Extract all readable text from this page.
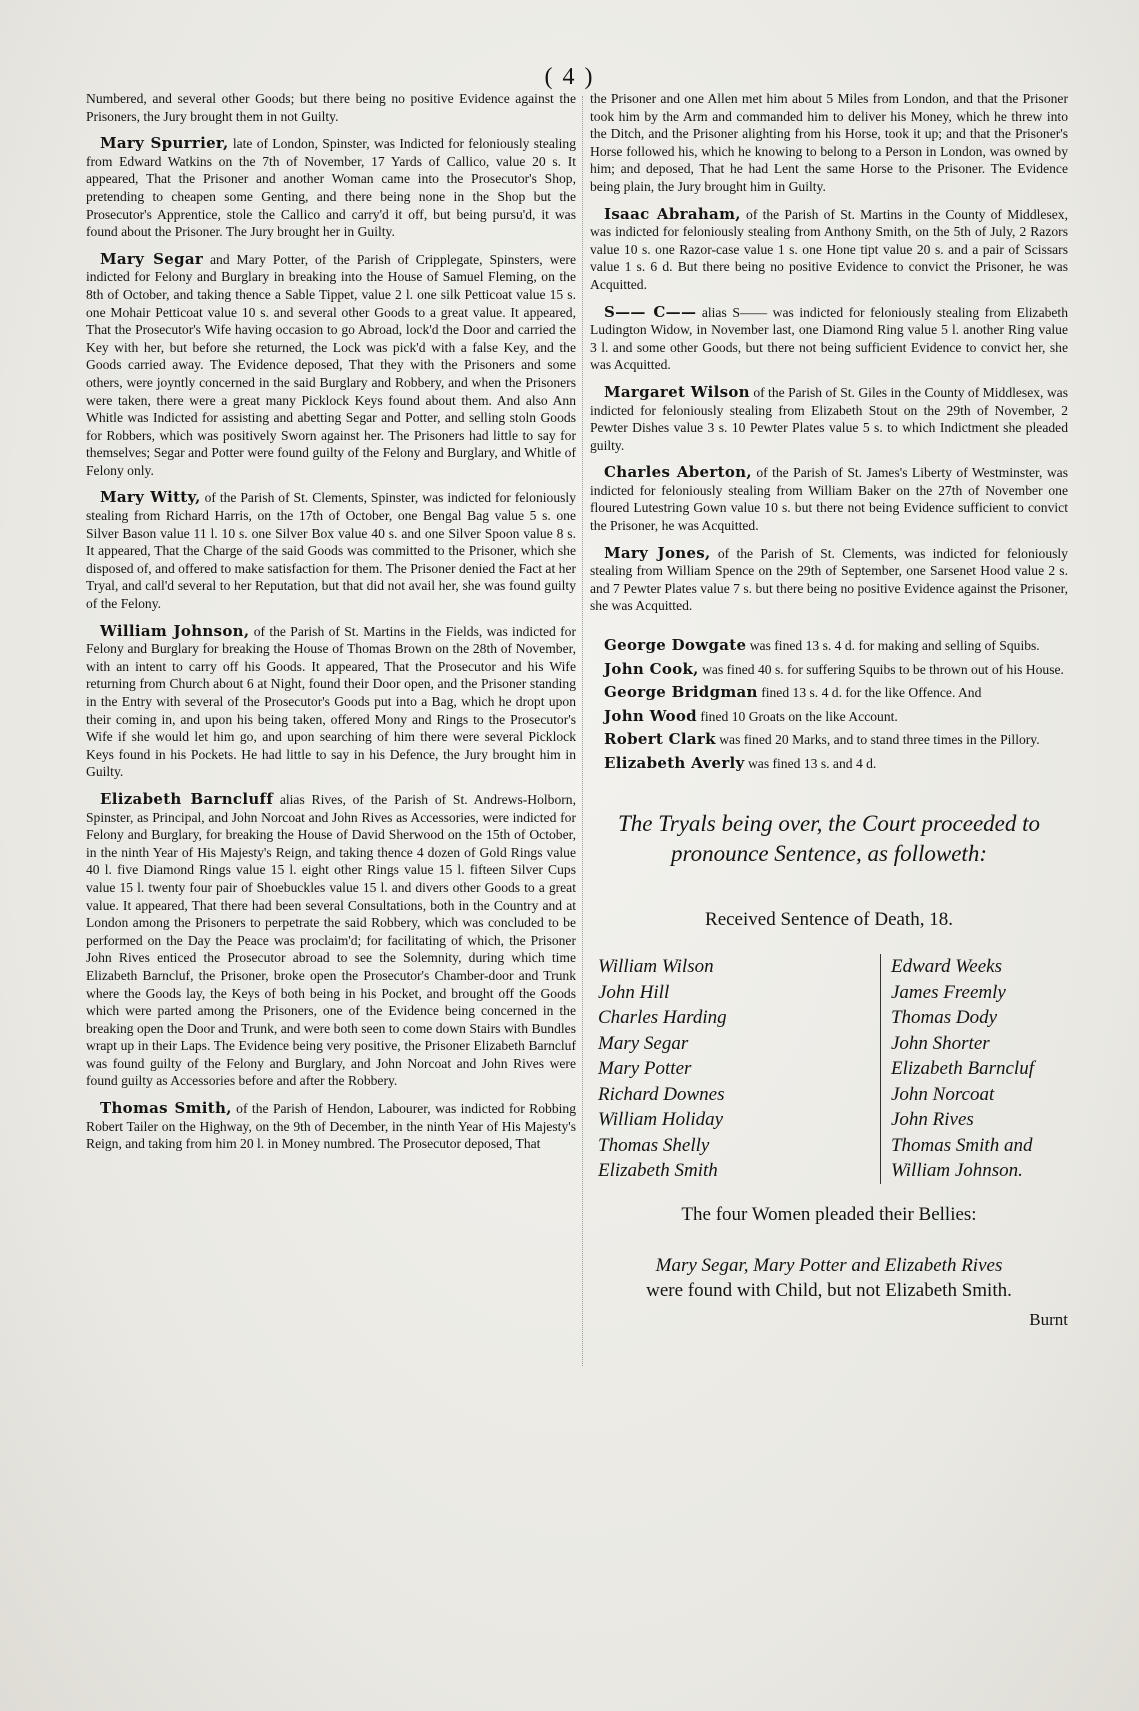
( 4 )

Numbered, and several other Goods; but there being no positive Evidence against the Prisoners, the Jury brought them in not Guilty.

Mary Spurrier, late of London, Spinster, was Indicted for feloniously stealing from Edward Watkins on the 7th of November, 17 Yards of Callico, value 20 s. It appeared, That the Prisoner and another Woman came into the Prosecutor's Shop, pretending to cheapen some Genting, and there being none in the Shop but the Prosecutor's Apprentice, stole the Callico and carry'd it off, but being pursu'd, it was found about the Prisoner. The Jury brought her in Guilty.

Mary Segar and Mary Potter, of the Parish of Cripplegate, Spinsters, were indicted for Felony and Burglary in breaking into the House of Samuel Fleming, on the 8th of October, and taking thence a Sable Tippet, value 2 l. one silk Petticoat value 15 s. one Mohair Petticoat value 10 s. and several other Goods to a great value. It appeared, That the Prosecutor's Wife having occasion to go Abroad, lock'd the Door and carried the Key with her, but before she returned, the Lock was pick'd with a false Key, and the Goods carried away. The Evidence deposed, That they with the Prisoners and some others, were joyntly concerned in the said Burglary and Robbery, and when the Prisoners were taken, there were a great many Picklock Keys found about them. And also Ann Whitle was Indicted for assisting and abetting Segar and Potter, and selling stoln Goods for Robbers, which was positively Sworn against her. The Prisoners had little to say for themselves; Segar and Potter were found guilty of the Felony and Burglary, and Whitle of Felony only.

Mary Witty, of the Parish of St. Clements, Spinster, was indicted for feloniously stealing from Richard Harris, on the 17th of October, one Bengal Bag value 5 s. one Silver Bason value 11 l. 10 s. one Silver Box value 40 s. and one Silver Spoon value 8 s. It appeared, That the Charge of the said Goods was committed to the Prisoner, which she disposed of, and offered to make satisfaction for them. The Prisoner denied the Fact at her Tryal, and call'd several to her Reputation, but that did not avail her, she was found guilty of the Felony.

William Johnson, of the Parish of St. Martins in the Fields, was indicted for Felony and Burglary for breaking the House of Thomas Brown on the 28th of November, with an intent to carry off his Goods. It appeared, That the Prosecutor and his Wife returning from Church about 6 at Night, found their Door open, and the Prisoner standing in the Entry with several of the Prosecutor's Goods put into a Bag, which he dropt upon their coming in, and upon his being taken, offered Mony and Rings to the Prosecutor's Wife if she would let him go, and upon searching of him there were several Picklock Keys found in his Pockets. He had little to say in his Defence, the Jury brought him in Guilty.

Elizabeth Barncluff alias Rives, of the Parish of St. Andrews-Holborn, Spinster, as Principal, and John Norcoat and John Rives as Accessories, were indicted for Felony and Burglary, for breaking the House of David Sherwood on the 15th of October, in the ninth Year of His Majesty's Reign, and taking thence 4 dozen of Gold Rings value 40 l. five Diamond Rings value 15 l. eight other Rings value 15 l. fifteen Silver Cups value 15 l. twenty four pair of Shoebuckles value 15 l. and divers other Goods to a great value. It appeared, That there had been several Consultations, both in the Country and at London among the Prisoners to perpetrate the said Robbery, which was concluded to be performed on the Day the Peace was proclaim'd; for facilitating of which, the Prisoner John Rives enticed the Prosecutor abroad to see the Solemnity, during which time Elizabeth Barncluf, the Prisoner, broke open the Prosecutor's Chamber-door and Trunk where the Goods lay, the Keys of both being in his Pocket, and brought off the Goods which were parted among the Prisoners, one of the Evidence being concerned in the breaking open the Door and Trunk, and were both seen to come down Stairs with Bundles wrapt up in their Laps. The Evidence being very positive, the Prisoner Elizabeth Barncluf was found guilty of the Felony and Burglary, and John Norcoat and John Rives were found guilty as Accessories before and after the Robbery.

Thomas Smith, of the Parish of Hendon, Labourer, was indicted for Robbing Robert Tailer on the Highway, on the 9th of December, in the ninth Year of His Majesty's Reign, and taking from him 20 l. in Money numbred. The Prosecutor deposed, That

the Prisoner and one Allen met him about 5 Miles from London, and that the Prisoner took him by the Arm and commanded him to deliver his Money, which he threw into the Ditch, and the Prisoner alighting from his Horse, took it up; and that the Prisoner's Horse followed his, which he knowing to belong to a Person in London, was owned by him; and deposed, That he had Lent the same Horse to the Prisoner. The Evidence being plain, the Jury brought him in Guilty.

Isaac Abraham, of the Parish of St. Martins in the County of Middlesex, was indicted for feloniously stealing from Anthony Smith, on the 5th of July, 2 Razors value 10 s. one Razor-case value 1 s. one Hone tipt value 20 s. and a pair of Scissars value 1 s. 6 d. But there being no positive Evidence to convict the Prisoner, he was Acquitted.

S—— C—— alias S—— was indicted for feloniously stealing from Elizabeth Ludington Widow, in November last, one Diamond Ring value 5 l. another Ring value 3 l. and some other Goods, but there not being sufficient Evidence to convict her, she was Acquitted.

Margaret Wilson of the Parish of St. Giles in the County of Middlesex, was indicted for feloniously stealing from Elizabeth Stout on the 29th of November, 2 Pewter Dishes value 3 s. 10 Pewter Plates value 5 s. to which Indictment she pleaded guilty.

Charles Aberton, of the Parish of St. James's Liberty of Westminster, was indicted for feloniously stealing from William Baker on the 27th of November one floured Lutestring Gown value 10 s. but there not being Evidence sufficient to convict the Prisoner, he was Acquitted.

Mary Jones, of the Parish of St. Clements, was indicted for feloniously stealing from William Spence on the 29th of September, one Sarsenet Hood value 2 s. and 7 Pewter Plates value 7 s. but there being no positive Evidence against the Prisoner, she was Acquitted.

George Dowgate was fined 13 s. 4 d. for making and selling of Squibs.

John Cook, was fined 40 s. for suffering Squibs to be thrown out of his House.

George Bridgman fined 13 s. 4 d. for the like Offence. And

John Wood fined 10 Groats on the like Account.

Robert Clark was fined 20 Marks, and to stand three times in the Pillory.

Elizabeth Averly was fined 13 s. and 4 d.

The Tryals being over, the Court proceeded to pronounce Sentence, as followeth:
Received Sentence of Death, 18.
William Wilson
John Hill
Charles Harding
Mary Segar
Mary Potter
Richard Downes
William Holiday
Thomas Shelly
Elizabeth Smith
Edward Weeks
James Freemly
Thomas Dody
John Shorter
Elizabeth Barncluf
John Norcoat
John Rives
Thomas Smith and
William Johnson.
The four Women pleaded their Bellies:

Mary Segar, Mary Potter and Elizabeth Rives

were found with Child, but not Elizabeth Smith.

Burnt
